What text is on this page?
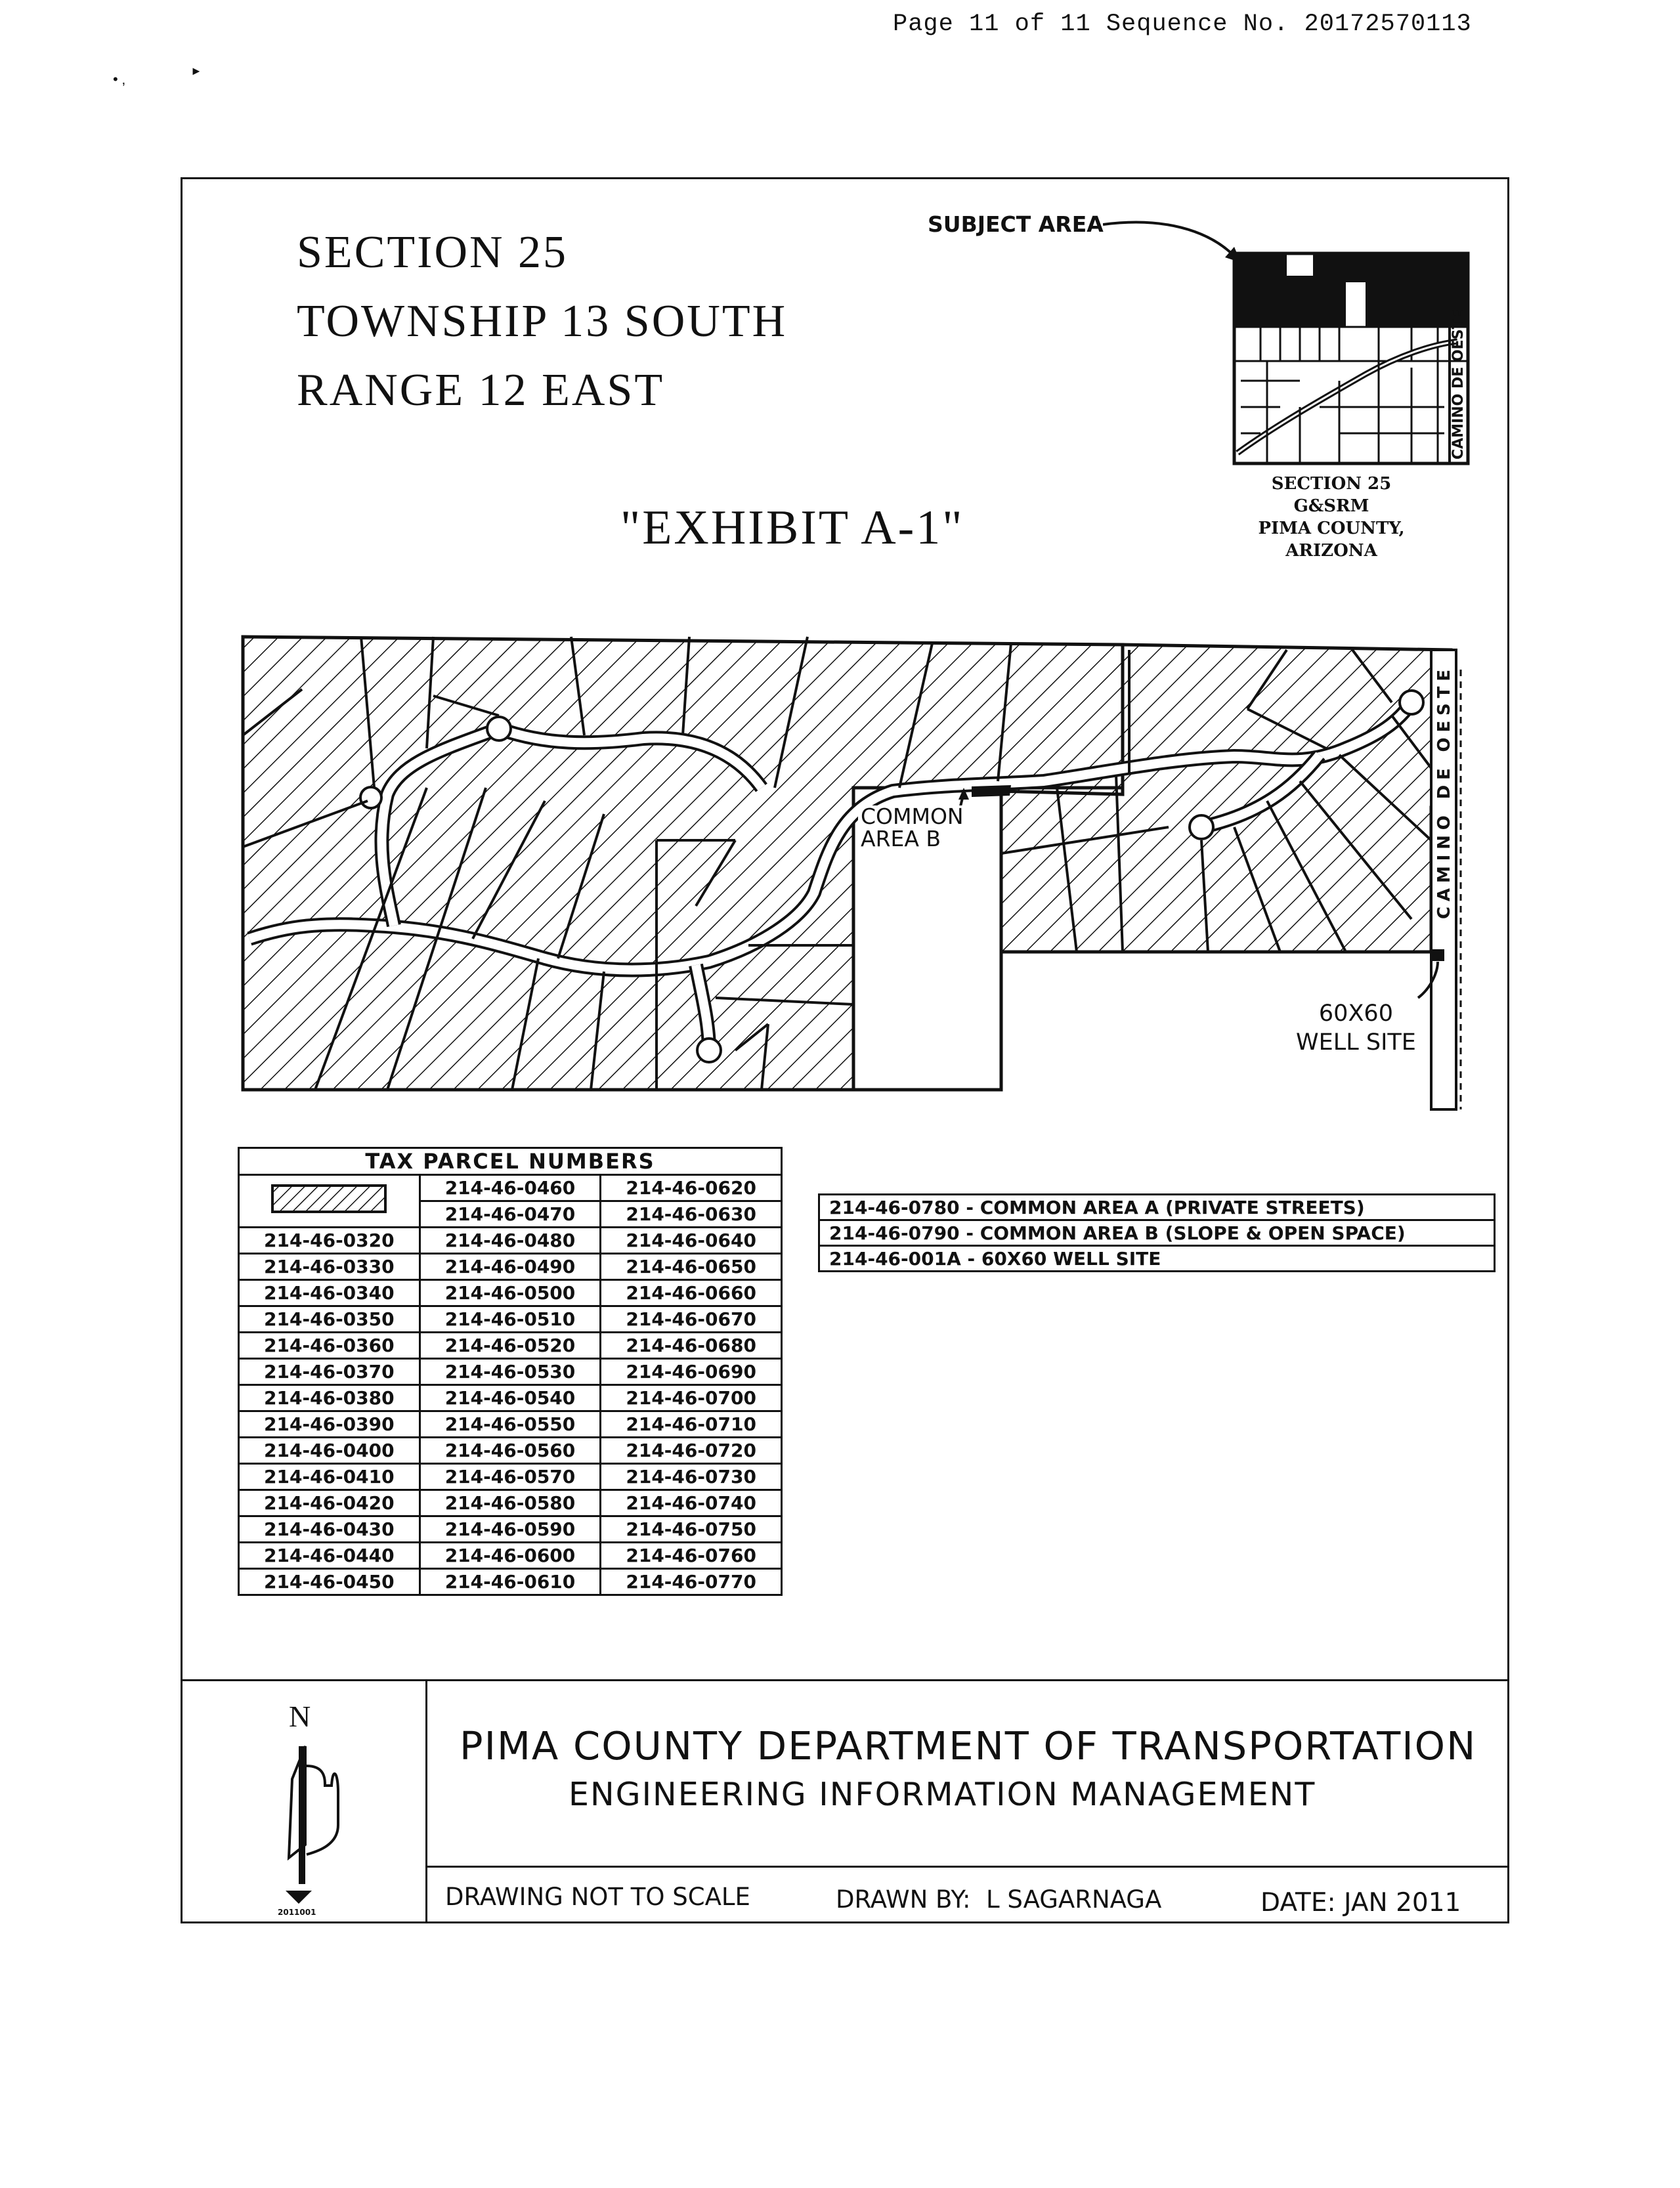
Page 11 of 11 Sequence No. 20172570113
• ‚	►
SECTION 25
TOWNSHIP 13 SOUTH
RANGE 12 EAST
"EXHIBIT A-1"
SUBJECT AREA
CAMINO DE OESTE
SECTION 25
G&SRM
PIMA COUNTY, ARIZONA
CAMINO DE OESTE
COMMON
AREA B
60X60
WELL SITE
TAX PARCEL NUMBERS		
	214-46-0460	214-46-0620
	214-46-0470	214-46-0630
214-46-0320	214-46-0480	214-46-0640
214-46-0330	214-46-0490	214-46-0650
214-46-0340	214-46-0500	214-46-0660
214-46-0350	214-46-0510	214-46-0670
214-46-0360	214-46-0520	214-46-0680
214-46-0370	214-46-0530	214-46-0690
214-46-0380	214-46-0540	214-46-0700
214-46-0390	214-46-0550	214-46-0710
214-46-0400	214-46-0560	214-46-0720
214-46-0410	214-46-0570	214-46-0730
214-46-0420	214-46-0580	214-46-0740
214-46-0430	214-46-0590	214-46-0750
214-46-0440	214-46-0600	214-46-0760
214-46-0450	214-46-0610	214-46-0770
214-46-0780 - COMMON AREA A (PRIVATE STREETS)
214-46-0790 - COMMON AREA B (SLOPE & OPEN SPACE)
214-46-001A - 60X60 WELL SITE
N
2011001
PIMA COUNTY DEPARTMENT OF TRANSPORTATION
ENGINEERING INFORMATION MANAGEMENT
DRAWING NOT TO SCALE	DRAWN BY:  L SAGARNAGA	DATE: JAN 2011
